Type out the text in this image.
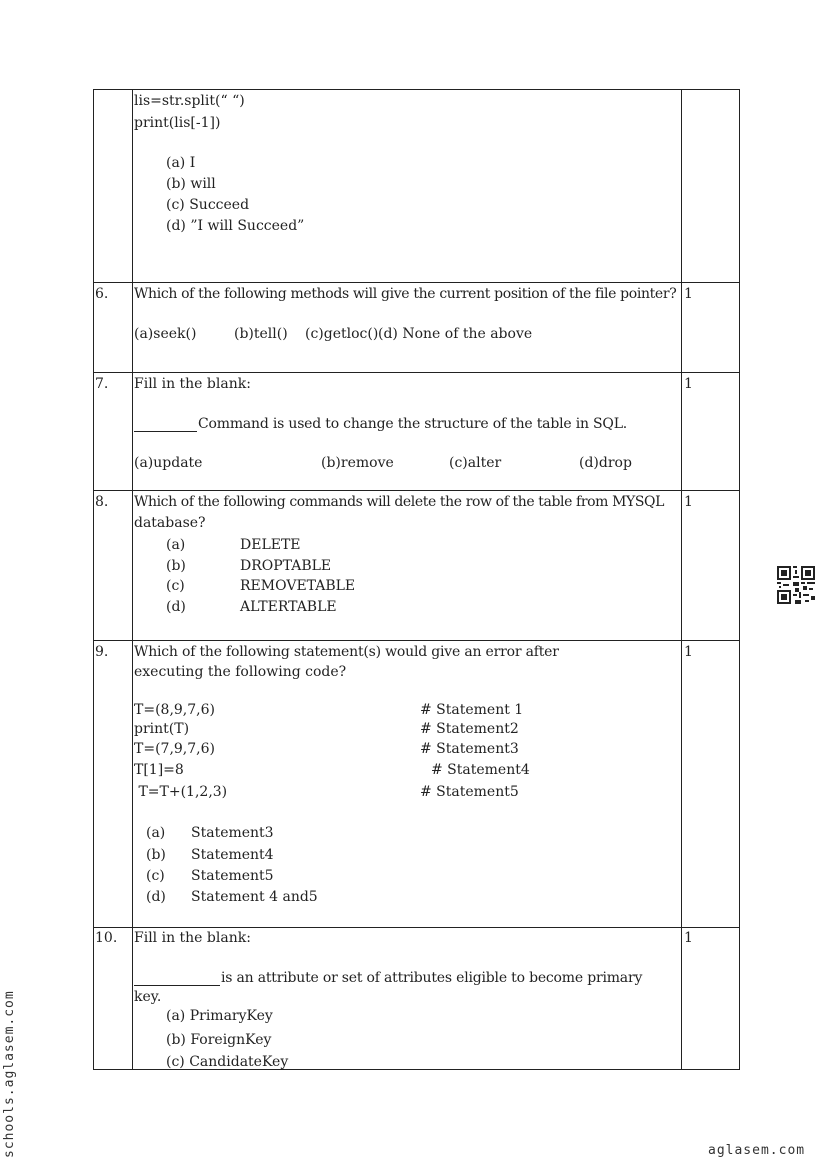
lis=str.split(“ “)
print(lis[-1])
(a) I
(b) will
(c) Succeed
(d) ”I will Succeed”
6. Which of the following methods will give the current position of the file pointer? 1
(a)seek()	(b)tell() (c)getloc() (d) None of the above
7. Fill in the blank:	1
Command is used to change the structure of the table in SQL.
(a)update	(b)remove	(c)alter	(d)drop
8. Which of the following commands will delete the row of the table from MYSQL
database?
1
(a)	DELETE
(b)	DROPTABLE
(c)	REMOVETABLE
(d)	ALTERTABLE
9. Which of the following statement(s) would give an error after
executing the following code?
1
T=(8,9,7,6)	# Statement 1
print(T)	# Statement2
T=(7,9,7,6)	# Statement3
T[1]=8	# Statement4
T=T+(1,2,3)	# Statement5
(a) Statement3
(b) Statement4
(c) Statement5
(d) Statement 4 and5
10. Fill in the blank:	1
is an attribute or set of attributes eligible to become primary
key.
(a) PrimaryKey
(b) ForeignKey
(c) CandidateKey
schools.aglasem.com	aglasem.com
